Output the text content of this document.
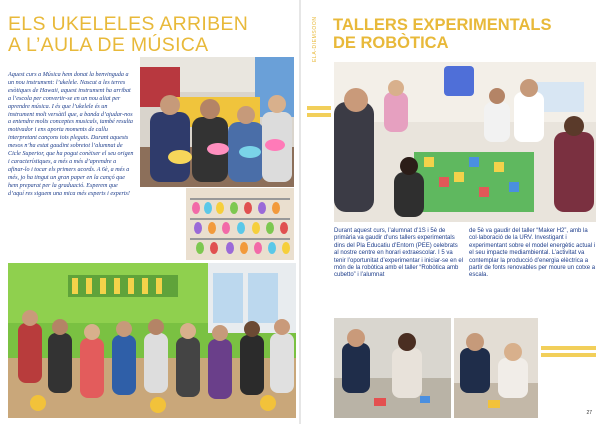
ELS UKELELES ARRIBEN
A L’AULA DE MÚSICA
Aquest curs a Música hem donat la benvinguda a un nou instrument: l’ukelele. Nascut a les terres exòtiques de Hawaii, aquest instrument ha arribat a l’escola per convertir-se en un nou aliat per aprendre música. I és que l’ukelele és un instrument molt versàtil que, a banda d’ajudar-nos a entendre molts conceptes musicals, també resulta motivador i ens aporta moments de callu interpretant cançons tots plegats. Durant aquests mesos n’ha estat gaudint sobretot l’alumnat de Cicle Superior, que ha pogut conèixer el seu origen i característiques, a més a més d’aprendre a afinar-lo i tocar els primers acords. A 6è, a més a més, jo ha tingut un gran paper en la cançó que hem preparat per la graduació. Esperem que d’aquí res siguem una mica més experts i experts!
ELA-DIEMSOON TALLERS EXPERIMENTALS
DE ROBÒTICA
Durant aquest curs, l’alumnat d’1S i 5è de primària va gaudir d’uns tallers experimentals dins del Pla Educatiu d’Entorn (PEE) celebrats al nostre centre en horari extraescolar. I 5 va tenir l’oportunitat d’experimentar i iniciar-se en el món de la robòtica amb el taller “Robòtica amb cubetto” i l’alumnat
de 5è va gaudir del taller “Maker H2”, amb la col·laboració de la URV. Investigant i experimentant sobre el model energètic actual i el seu impacte mediambiental. L’activitat va contemplar la producció d’energia elèctrica a partir de fonts renovables per moure un cotxe a escala.
27
